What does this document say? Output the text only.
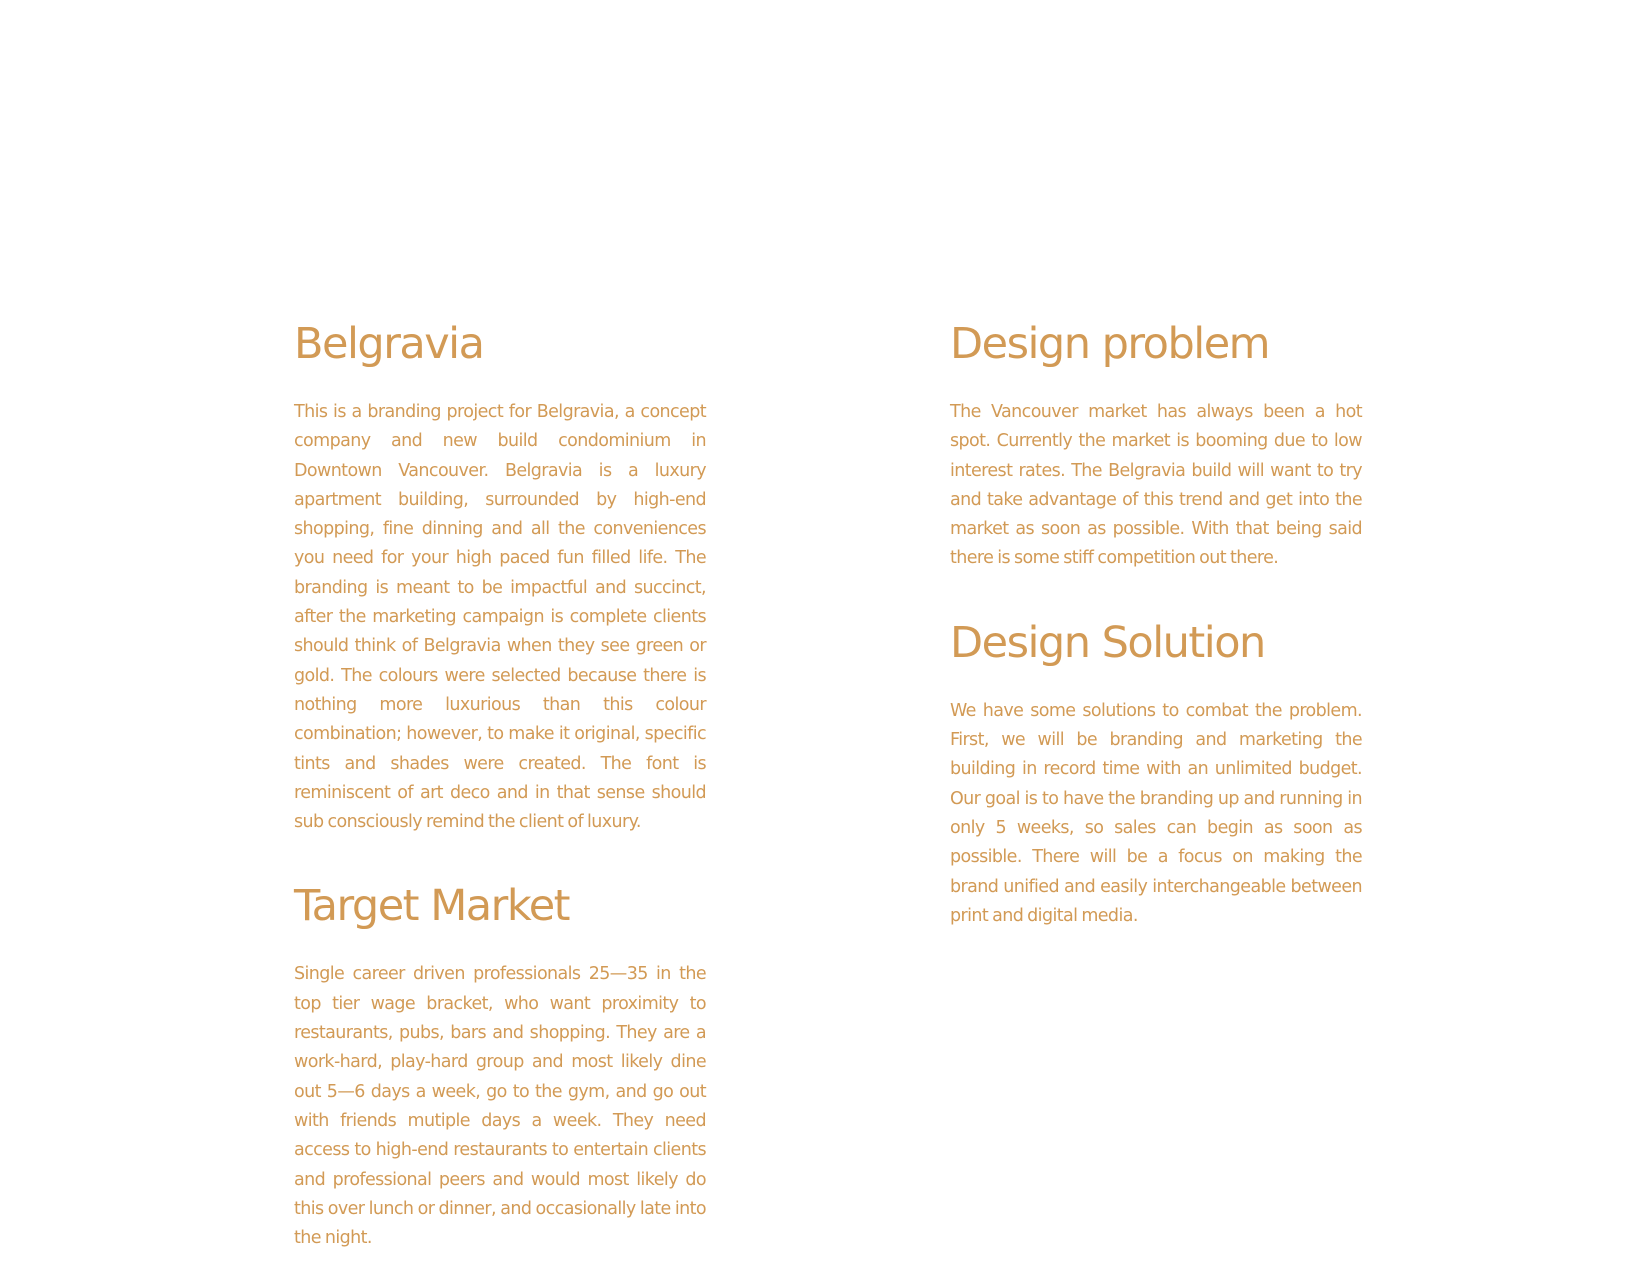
Belgravia

This is a branding project for Belgravia, a concept company and new build condominium in Downtown Vancouver. Belgravia is a luxury apartment building, surrounded by high-end shopping, fine dinning and all the conveniences you need for your high paced fun filled life. The branding is meant to be impactful and succinct, after the marketing campaign is complete clients should think of Belgravia when they see green or gold. The colours were selected because there is nothing more luxurious than this colour combination; however, to make it original, specific tints and shades were created. The font is reminiscent of art deco and in that sense should sub consciously remind the client of luxury.

Target Market

Single career driven professionals 25—35 in the top tier wage bracket, who want proximity to restaurants, pubs, bars and shopping. They are a work-hard, play-hard group and most likely dine out 5—6 days a week, go to the gym, and go out with friends mutiple days a week. They need access to high-end restaurants to entertain clients and professional peers and would most likely do this over lunch or dinner, and occasionally late into the night.

Design problem

The Vancouver market has always been a hot spot. Currently the market is booming due to low interest rates. The Belgravia build will want to try and take advantage of this trend and get into the market as soon as possible. With that being said there is some stiff competition out there.

Design Solution

We have some solutions to combat the problem. First, we will be branding and marketing the building in record time with an unlimited budget. Our goal is to have the branding up and running in only 5 weeks, so sales can begin as soon as possible. There will be a focus on making the brand unified and easily interchangeable between print and digital media.
